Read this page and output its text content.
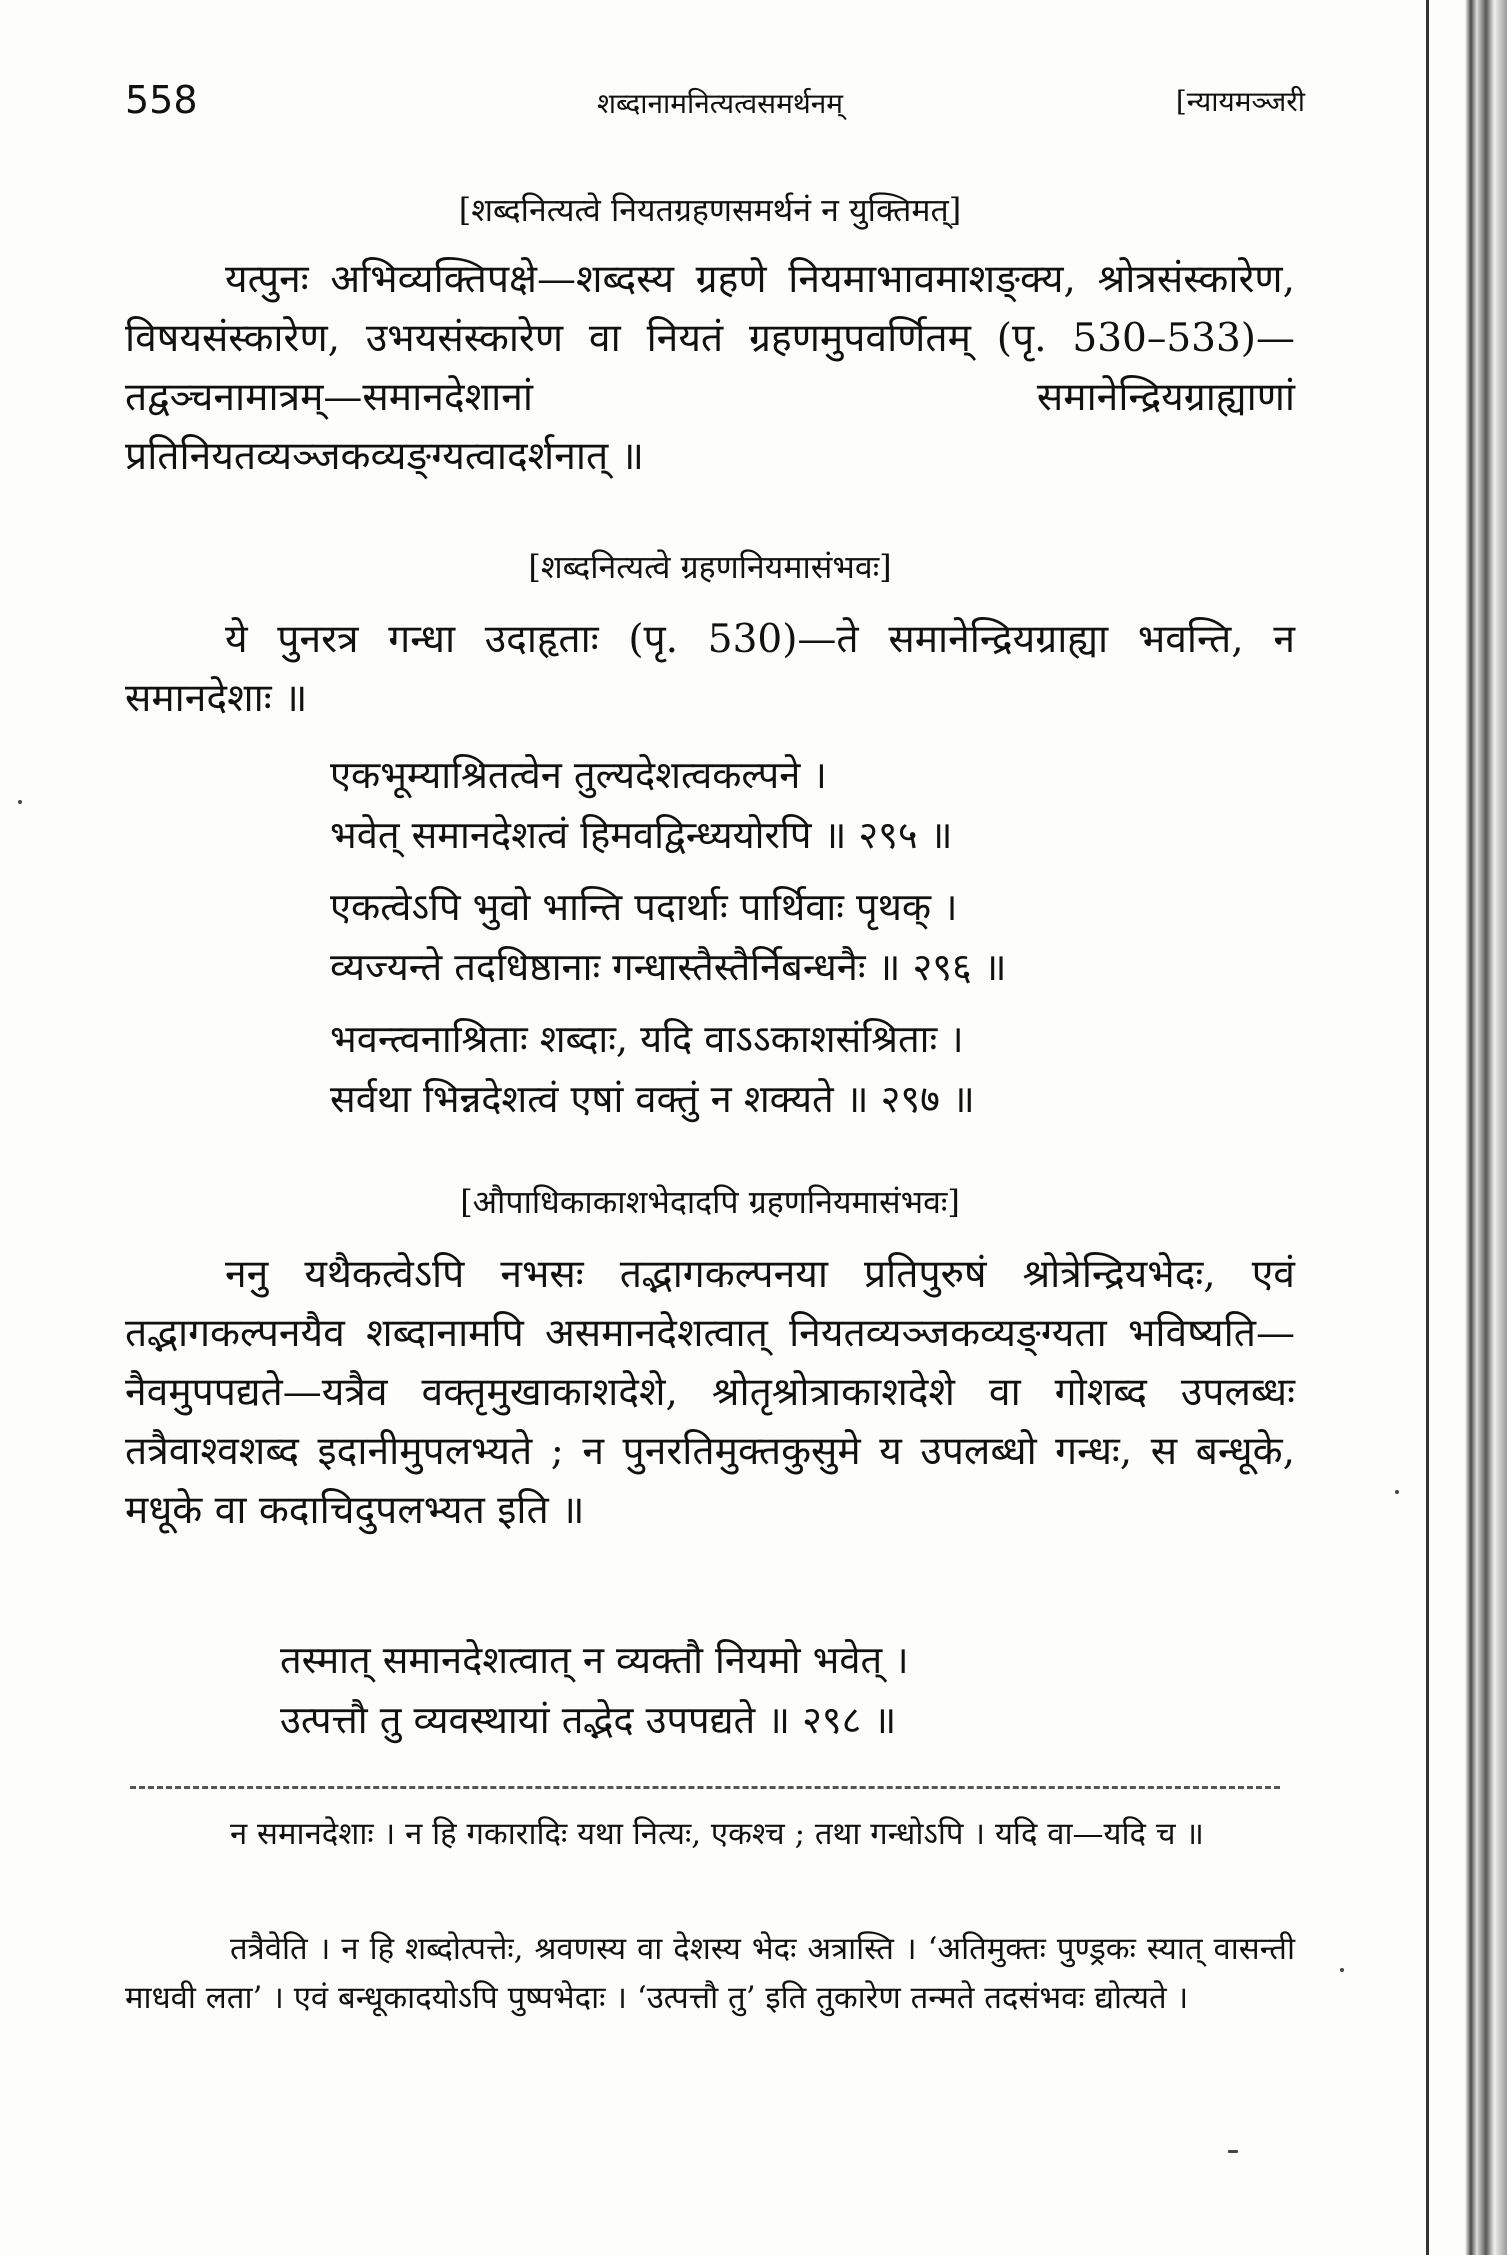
558	शब्दानामनित्यत्वसमर्थनम्	[न्यायमञ्जरी
[शब्दनित्यत्वे नियतग्रहणसमर्थनं न युक्तिमत्]

यत्पुनः अभिव्यक्तिपक्षे—शब्दस्य ग्रहणे नियमाभावमाशङ्क्य, श्रोत्रसंस्कारेण, विषयसंस्कारेण, उभयसंस्कारेण वा नियतं ग्रहणमुपवर्णितम् (पृ. 530–533)—तद्वञ्चनामात्रम्—समानदेशानां समानेन्द्रियग्राह्याणां प्रतिनियतव्यञ्जकव्यङ्ग्यत्वादर्शनात् ॥

[शब्दनित्यत्वे ग्रहणनियमासंभवः]

ये पुनरत्र गन्धा उदाहृताः (पृ. 530)—ते समानेन्द्रियग्राह्या भवन्ति, न समानदेशाः ॥

एकभूम्याश्रितत्वेन तुल्यदेशत्वकल्पने ।
भवेत् समानदेशत्वं हिमवद्विन्ध्ययोरपि ॥ २९५ ॥
एकत्वेऽपि भुवो भान्ति पदार्थाः पार्थिवाः पृथक् ।
व्यज्यन्ते तदधिष्ठानाः गन्धास्तैस्तैर्निबन्धनैः ॥ २९६ ॥
भवन्त्वनाश्रिताः शब्दाः, यदि वाऽऽकाशसंश्रिताः ।
सर्वथा भिन्नदेशत्वं एषां वक्तुं न शक्यते ॥ २९७ ॥
[औपाधिकाकाशभेदादपि ग्रहणनियमासंभवः]

ननु यथैकत्वेऽपि नभसः तद्भागकल्पनया प्रतिपुरुषं श्रोत्रेन्द्रियभेदः, एवं तद्भागकल्पनयैव शब्दानामपि असमानदेशत्वात् नियतव्यञ्जकव्यङ्ग्यता भविष्यति—नैवमुपपद्यते—यत्रैव वक्तृमुखाकाशदेशे, श्रोतृश्रोत्राकाशदेशे वा गोशब्द उपलब्धः तत्रैवाश्वशब्द इदानीमुपलभ्यते ; न पुनरतिमुक्तकुसुमे य उपलब्धो गन्धः, स बन्धूके, मधूके वा कदाचिदुपलभ्यत इति ॥

तस्मात् समानदेशत्वात् न व्यक्तौ नियमो भवेत् ।
उत्पत्तौ तु व्यवस्थायां तद्भेद उपपद्यते ॥ २९८ ॥

न समानदेशाः । न हि गकारादिः यथा नित्यः, एकश्च ; तथा गन्धोऽपि । यदि वा—यदि च ॥

तत्रैवेति । न हि शब्दोत्पत्तेः, श्रवणस्य वा देशस्य भेदः अत्रास्ति । ‘अतिमुक्तः पुण्ड्रकः स्यात् वासन्ती माधवी लता’ । एवं बन्धूकादयोऽपि पुष्पभेदाः । ‘उत्पत्तौ तु’ इति तुकारेण तन्मते तदसंभवः द्योत्यते ।
